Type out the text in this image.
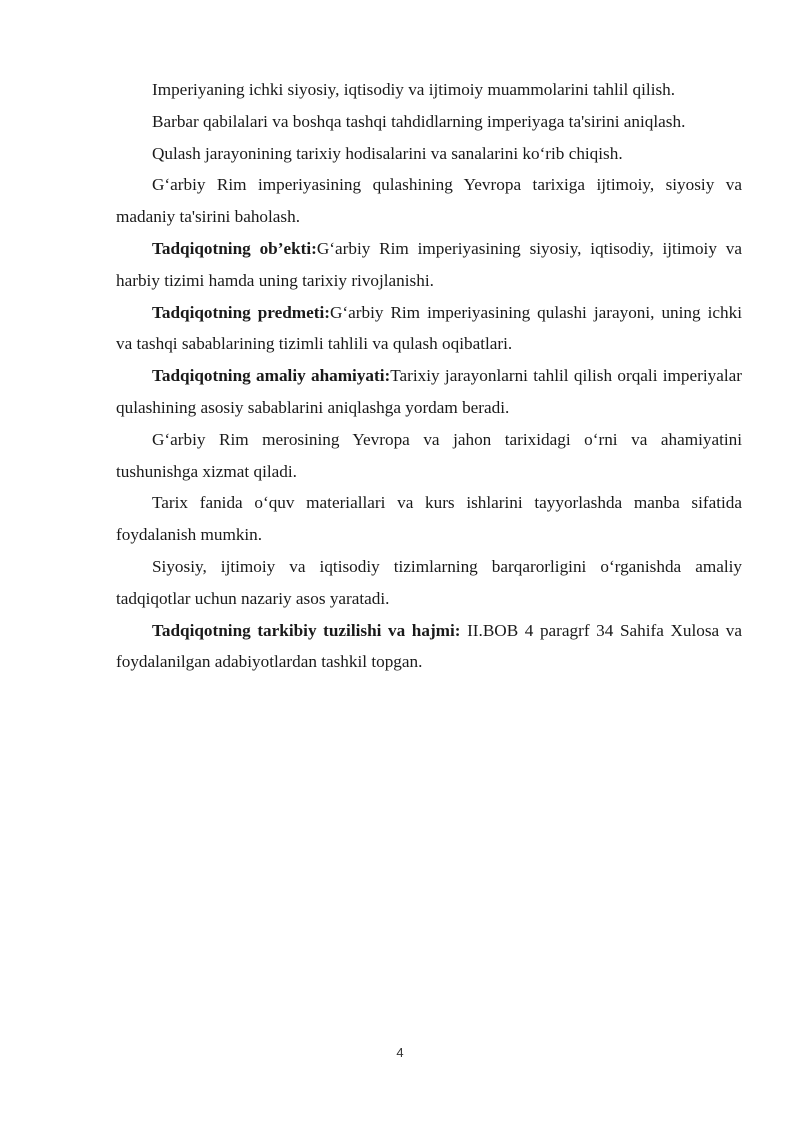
Imperiyaning ichki siyosiy, iqtisodiy va ijtimoiy muammolarini tahlil qilish.

Barbar qabilalari va boshqa tashqi tahdidlarning imperiyaga ta'sirini aniqlash.

Qulash jarayonining tarixiy hodisalarini va sanalarini koʻrib chiqish.

Gʻarbiy Rim imperiyasining qulashining Yevropa tarixiga ijtimoiy, siyosiy va madaniy ta'sirini baholash.

Tadqiqotning ob’ekti:Gʻarbiy Rim imperiyasining siyosiy, iqtisodiy, ijtimoiy va harbiy tizimi hamda uning tarixiy rivojlanishi.

Tadqiqotning predmeti:Gʻarbiy Rim imperiyasining qulashi jarayoni, uning ichki va tashqi sabablarining tizimli tahlili va qulash oqibatlari.

Tadqiqotning amaliy ahamiyati:Tarixiy jarayonlarni tahlil qilish orqali imperiyalar qulashining asosiy sabablarini aniqlashga yordam beradi.

Gʻarbiy Rim merosining Yevropa va jahon tarixidagi oʻrni va ahamiyatini tushunishga xizmat qiladi.

Tarix fanida oʻquv materiallari va kurs ishlarini tayyorlashda manba sifatida foydalanish mumkin.

Siyosiy, ijtimoiy va iqtisodiy tizimlarning barqarorligini oʻrganishda amaliy tadqiqotlar uchun nazariy asos yaratadi.

Tadqiqotning tarkibiy tuzilishi va hajmi: II.BOB 4 paragrf 34 Sahifa Xulosa va foydalanilgan adabiyotlardan tashkil topgan.

4
